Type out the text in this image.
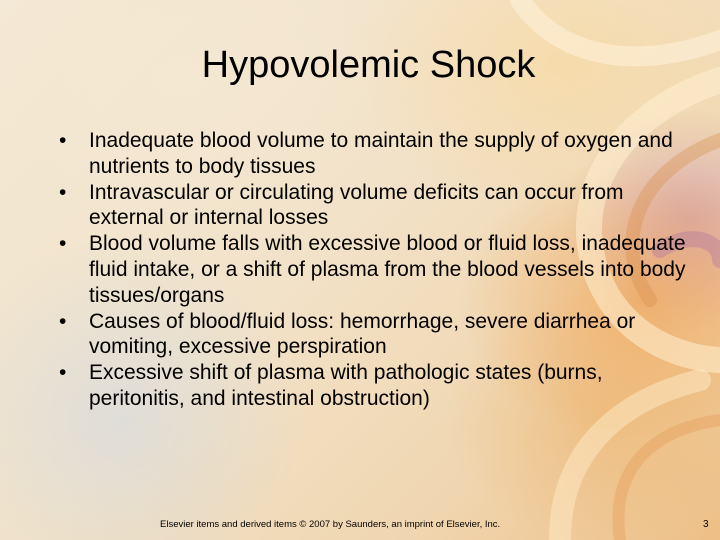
Hypovolemic Shock
• Inadequate blood volume to maintain the supply of oxygen and nutrients to body tissues
• Intravascular or circulating volume deficits can occur from external or internal losses
• Blood volume falls with excessive blood or fluid loss, inadequate fluid intake, or a shift of plasma from the blood vessels into body tissues/organs
• Causes of blood/fluid loss: hemorrhage, severe diarrhea or vomiting, excessive perspiration
• Excessive shift of plasma with pathologic states (burns, peritonitis, and intestinal obstruction)
Elsevier items and derived items © 2007 by Saunders, an imprint of Elsevier, Inc.	3
